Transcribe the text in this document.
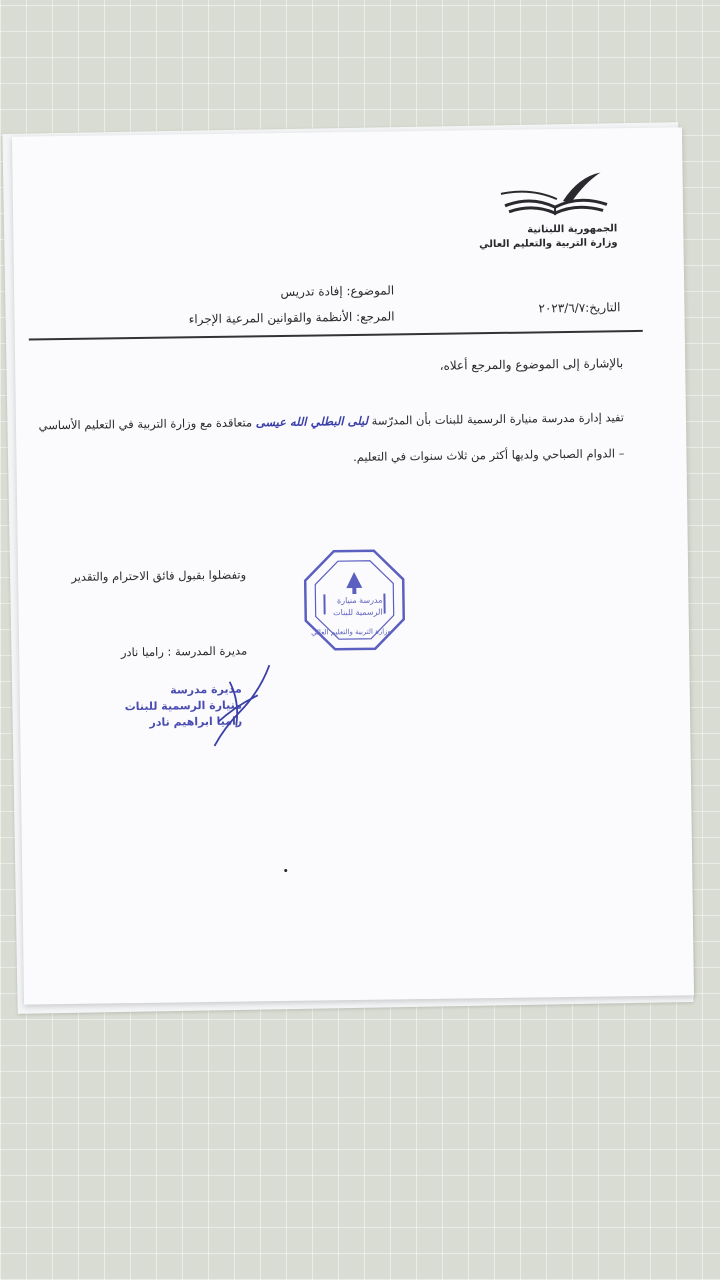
الجمهورية اللبنانية
وزارة التربية والتعليم العالي
الموضوع: إفادة تدريس
المرجع: الأنظمة والقوانين المرعية الإجراء
التاريخ:٢٠٢٣/٦/٧
بالإشارة إلى الموضوع والمرجع أعلاه،
تفيد إدارة مدرسة منيارة الرسمية للبنات بأن المدرّسة ليلى البطلي الله عيسى متعاقدة مع وزارة التربية في التعليم الأساسي
– الدوام الصباحي ولديها أكثر من ثلاث سنوات في التعليم.
وتفضلوا بقبول فائق الاحترام والتقدير
مديرة المدرسة : راميا نادر
مدرسة منيارة
الرسمية للبنات
وزارة التربية والتعليم العالي
مديرة مدرسة
منيارة الرسمية للبنات
راميا ابراهيم نادر
